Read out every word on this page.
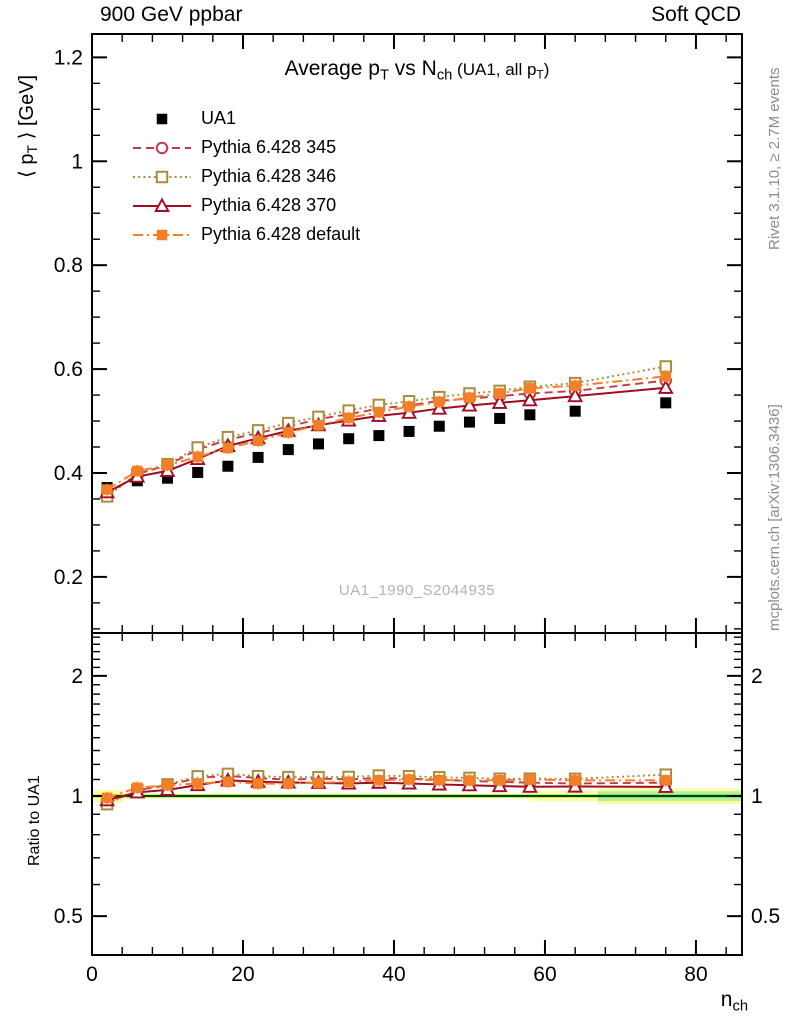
0.2
0.4
0.6
0.8
1
1.2
0.5	0.5
1	1
2	2
0	20	40	60	80
900 GeV ppbar	Soft QCD
Average $p_T$ vs $N_{ch}$ (UA1, all $p_T$)
⟨ $p_T$ ⟩ [GeV]
Ratio to UA1
$n_{ch}$
Rivet 3.1.10, ≥ 2.7M events
mcplots.cern.ch [arXiv:1306.3436]
UA1_1990_S2044935
UA1
Pythia 6.428 345
Pythia 6.428 346
Pythia 6.428 370
Pythia 6.428 default
